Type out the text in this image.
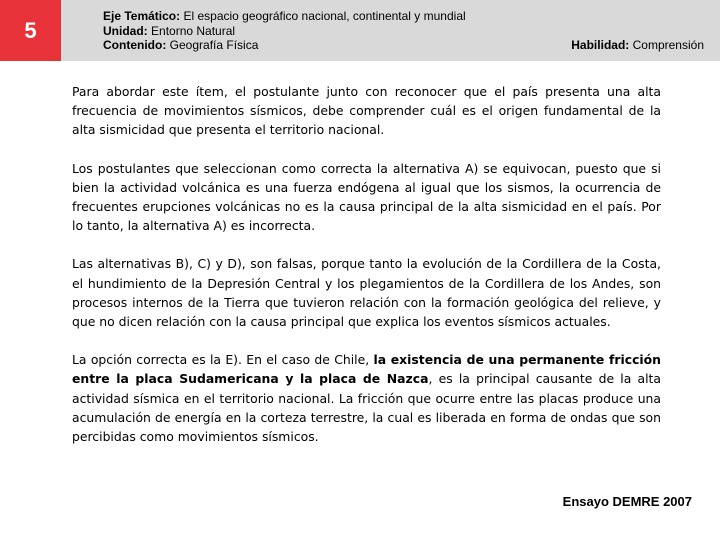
5
Eje Temático: El espacio geográfico nacional, continental y mundial
Unidad: Entorno Natural
Contenido: Geografía Física	Habilidad: Comprensión

Para abordar este ítem, el postulante junto con reconocer que el país presenta una alta frecuencia de movimientos sísmicos, debe comprender cuál es el origen fundamental de la alta sismicidad que presenta el territorio nacional.

Los postulantes que seleccionan como correcta la alternativa A) se equivocan, puesto que si bien la actividad volcánica es una fuerza endógena al igual que los sismos, la ocurrencia de frecuentes erupciones volcánicas no es la causa principal de la alta sismicidad en el país. Por lo tanto, la alternativa A) es incorrecta.

Las alternativas B), C) y D), son falsas, porque tanto la evolución de la Cordillera de la Costa, el hundimiento de la Depresión Central y los plegamientos de la Cordillera de los Andes, son procesos internos de la Tierra que tuvieron relación con la formación geológica del relieve, y que no dicen relación con la causa principal que explica los eventos sísmicos actuales.

La opción correcta es la E). En el caso de Chile, la existencia de una permanente fricción entre la placa Sudamericana y la placa de Nazca, es la principal causante de la alta actividad sísmica en el territorio nacional. La fricción que ocurre entre las placas produce una acumulación de energía en la corteza terrestre, la cual es liberada en forma de ondas que son percibidas como movimientos sísmicos.

Ensayo DEMRE 2007
